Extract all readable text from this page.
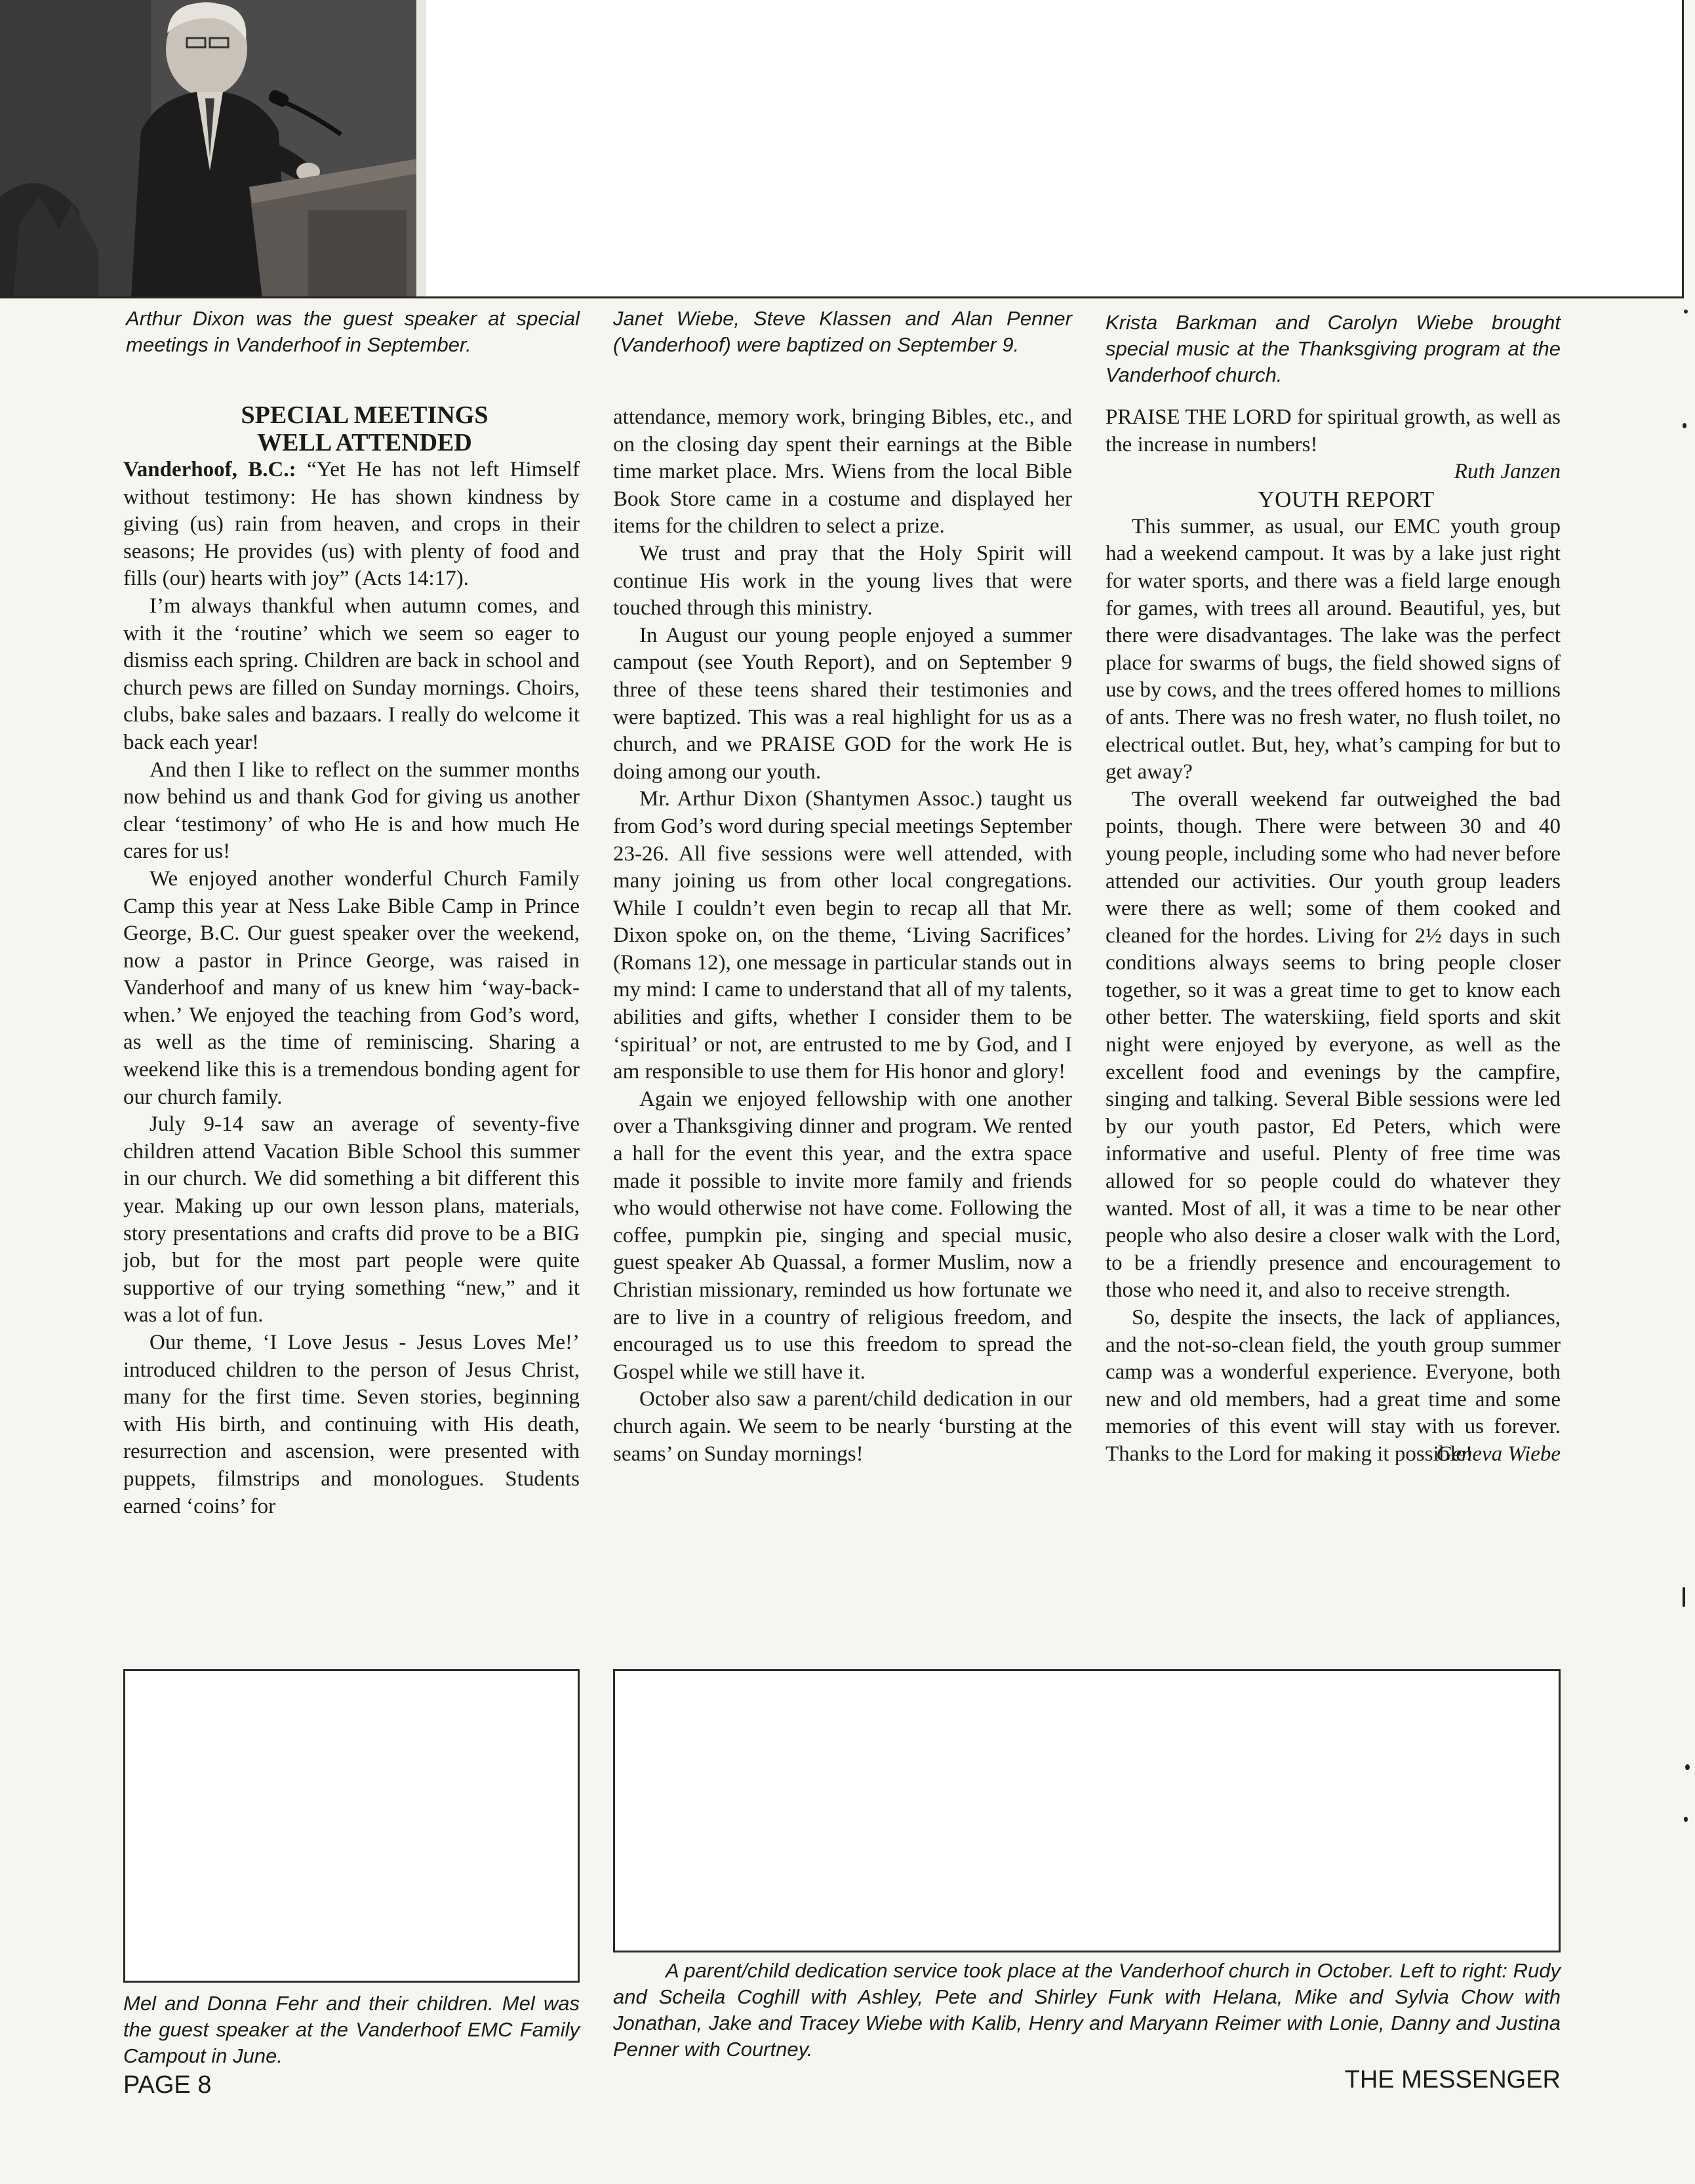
Arthur Dixon was the guest speaker at special meetings in Vanderhoof in September.
Janet Wiebe, Steve Klassen and Alan Penner (Vanderhoof) were baptized on September 9.
Krista Barkman and Carolyn Wiebe brought special music at the Thanksgiving program at the Vanderhoof church.

SPECIAL MEETINGS

WELL ATTENDED

Vanderhoof, B.C.: “Yet He has not left Himself without testimony: He has shown kindness by giving (us) rain from heaven, and crops in their seasons; He provides (us) with plenty of food and fills (our) hearts with joy” (Acts 14:17).

I’m always thankful when autumn comes, and with it the ‘routine’ which we seem so eager to dismiss each spring. Children are back in school and church pews are filled on Sunday mornings. Choirs, clubs, bake sales and bazaars. I really do welcome it back each year!

And then I like to reflect on the summer months now behind us and thank God for giving us another clear ‘testimony’ of who He is and how much He cares for us!

We enjoyed another wonderful Church Family Camp this year at Ness Lake Bible Camp in Prince George, B.C. Our guest speaker over the weekend, now a pastor in Prince George, was raised in Vanderhoof and many of us knew him ‘way-back-when.’ We enjoyed the teaching from God’s word, as well as the time of reminiscing. Sharing a weekend like this is a tremendous bonding agent for our church family.

July 9-14 saw an average of seventy-five children attend Vacation Bible School this summer in our church. We did something a bit different this year. Making up our own lesson plans, materials, story presentations and crafts did prove to be a BIG job, but for the most part people were quite supportive of our trying something “new,” and it was a lot of fun.

Our theme, ‘I Love Jesus - Jesus Loves Me!’ introduced children to the person of Jesus Christ, many for the first time. Seven stories, beginning with His birth, and continuing with His death, resurrection and ascension, were presented with puppets, filmstrips and monologues. Students earned ‘coins’ for

attendance, memory work, bringing Bibles, etc., and on the closing day spent their earnings at the Bible time market place. Mrs. Wiens from the local Bible Book Store came in a costume and displayed her items for the children to select a prize.

We trust and pray that the Holy Spirit will continue His work in the young lives that were touched through this ministry.

In August our young people enjoyed a summer campout (see Youth Report), and on September 9 three of these teens shared their testimonies and were baptized. This was a real highlight for us as a church, and we PRAISE GOD for the work He is doing among our youth.

Mr. Arthur Dixon (Shantymen Assoc.) taught us from God’s word during special meetings September 23-26. All five sessions were well attended, with many joining us from other local congregations. While I couldn’t even begin to recap all that Mr. Dixon spoke on, on the theme, ‘Living Sacrifices’ (Romans 12), one message in particular stands out in my mind: I came to understand that all of my talents, abilities and gifts, whether I consider them to be ‘spiritual’ or not, are entrusted to me by God, and I am responsible to use them for His honor and glory!

Again we enjoyed fellowship with one another over a Thanksgiving dinner and program. We rented a hall for the event this year, and the extra space made it possible to invite more family and friends who would otherwise not have come. Following the coffee, pumpkin pie, singing and special music, guest speaker Ab Quassal, a former Muslim, now a Christian missionary, reminded us how fortunate we are to live in a country of religious freedom, and encouraged us to use this freedom to spread the Gospel while we still have it.

October also saw a parent/child dedication in our church again. We seem to be nearly ‘bursting at the seams’ on Sunday mornings!

PRAISE THE LORD for spiritual growth, as well as the increase in numbers!

Ruth Janzen

YOUTH REPORT

This summer, as usual, our EMC youth group had a weekend campout. It was by a lake just right for water sports, and there was a field large enough for games, with trees all around. Beautiful, yes, but there were disadvantages. The lake was the perfect place for swarms of bugs, the field showed signs of use by cows, and the trees offered homes to millions of ants. There was no fresh water, no flush toilet, no electrical outlet. But, hey, what’s camping for but to get away?

The overall weekend far outweighed the bad points, though. There were between 30 and 40 young people, including some who had never before attended our activities. Our youth group leaders were there as well; some of them cooked and cleaned for the hordes. Living for 2½ days in such conditions always seems to bring people closer together, so it was a great time to get to know each other better. The waterskiing, field sports and skit night were enjoyed by everyone, as well as the excellent food and evenings by the campfire, singing and talking. Several Bible sessions were led by our youth pastor, Ed Peters, which were informative and useful. Plenty of free time was allowed for so people could do whatever they wanted. Most of all, it was a time to be near other people who also desire a closer walk with the Lord, to be a friendly presence and encouragement to those who need it, and also to receive strength.

So, despite the insects, the lack of appliances, and the not-so-clean field, the youth group summer camp was a wonderful experience. Everyone, both new and old members, had a great time and some memories of this event will stay with us forever. Thanks to the Lord for making it possible!

Geneva Wiebe

Mel and Donna Fehr and their children. Mel was the guest speaker at the Vanderhoof EMC Family Campout in June.
A parent/child dedication service took place at the Vanderhoof church in October. Left to right: Rudy and Scheila Coghill with Ashley, Pete and Shirley Funk with Helana, Mike and Sylvia Chow with Jonathan, Jake and Tracey Wiebe with Kalib, Henry and Maryann Reimer with Lonie, Danny and Justina Penner with Courtney.
PAGE 8	THE MESSENGER
